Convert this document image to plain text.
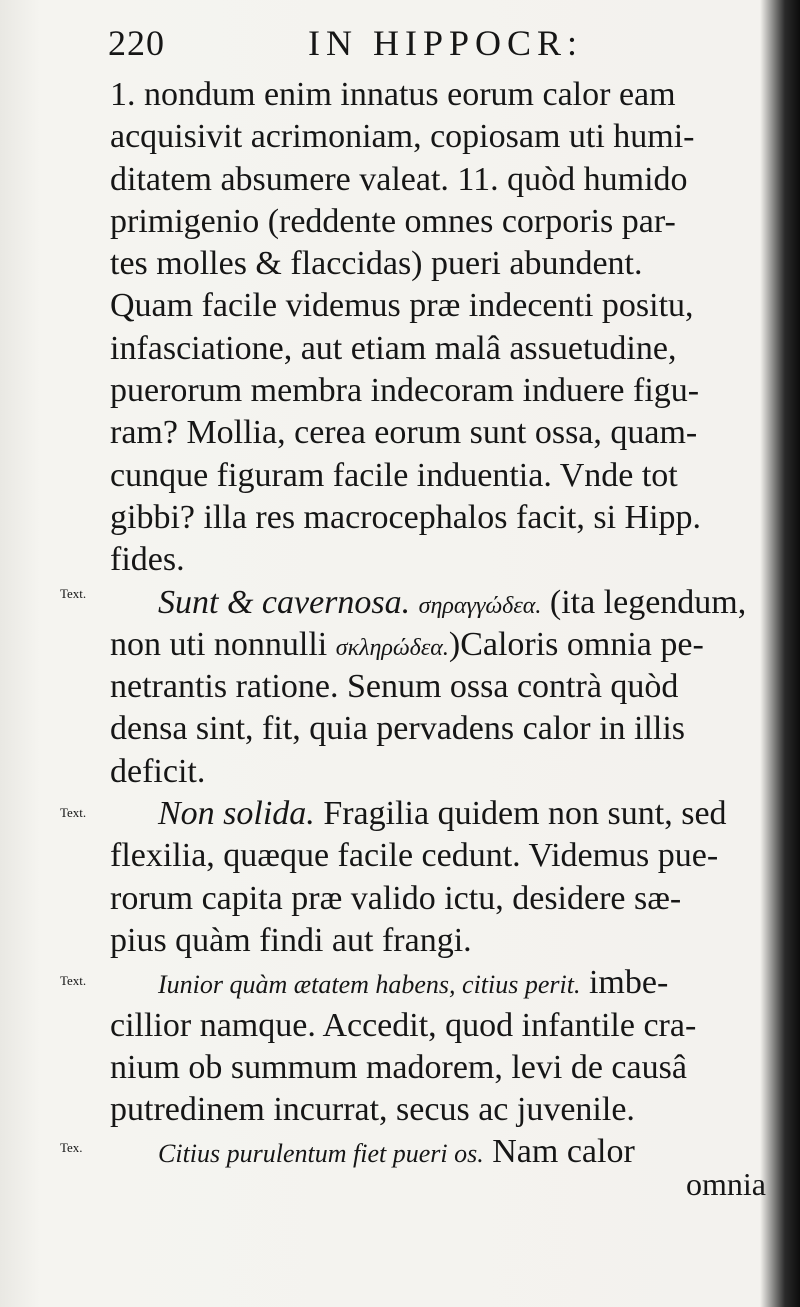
220	IN HIPPOCR:
1. nondum enim innatus eorum calor eam
acquisivit acrimoniam, copiosam uti humi-
ditatem absumere valeat. 11. quòd humido
primigenio (reddente omnes corporis par-
tes molles & flaccidas) pueri abundent.
Quam facile videmus præ indecenti positu,
infasciatione, aut etiam malâ assuetudine,
puerorum membra indecoram induere figu-
ram? Mollia, cerea eorum sunt ossa, quam-
cunque figuram facile induentia. Vnde tot
gibbi? illa res macrocephalos facit, si Hipp.
fides.
Sunt & cavernosa. σηραγγώδεα. (ita legendum,
non uti nonnulli σκληρώδεα.)Caloris omnia pe-
netrantis ratione. Senum ossa contrà quòd
densa sint, fit, quia pervadens calor in illis
deficit.
Non solida. Fragilia quidem non sunt, sed
flexilia, quæque facile cedunt. Videmus pue-
rorum capita præ valido ictu, desidere sæ-
pius quàm findi aut frangi.
Iunior quàm ætatem habens, citius perit. imbe-
cillior namque. Accedit, quod infantile cra-
nium ob summum madorem, levi de causâ
putredinem incurrat, secus ac juvenile.
Citius purulentum fiet pueri os. Nam calor
Text.
Text.
Text.
Tex.
omnia
